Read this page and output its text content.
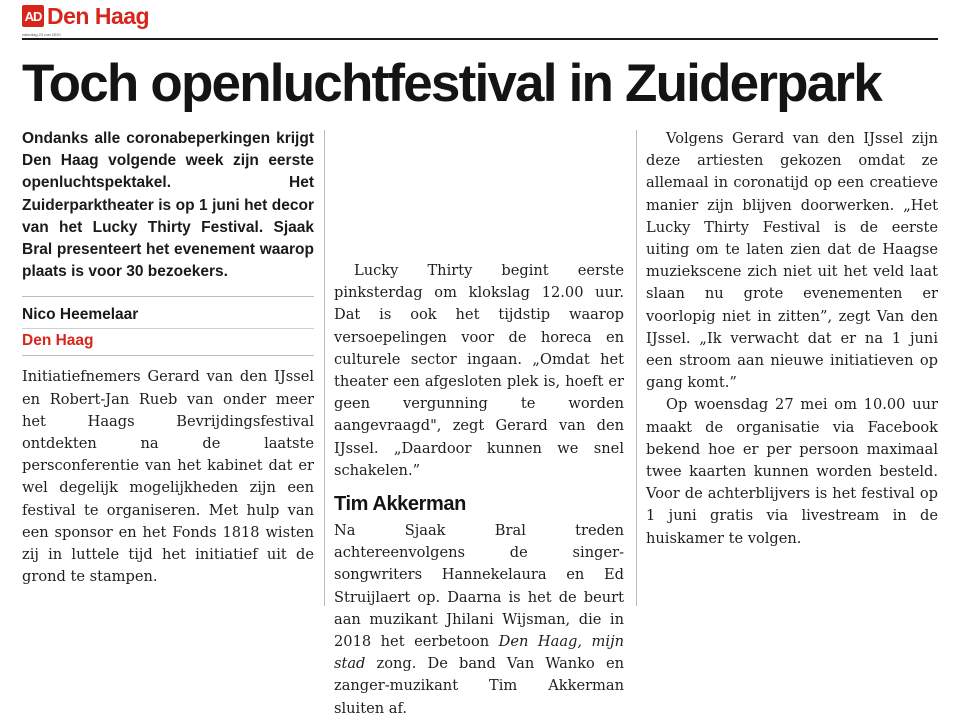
AD Den Haag
zaterdag 23 mei 2020
Toch openluchtfestival in Zuiderpark

Ondanks alle coronabeperkingen krijgt Den Haag volgende week zijn eerste openluchtspektakel. Het Zuiderparktheater is op 1 juni het decor van het Lucky Thirty Festival. Sjaak Bral presenteert het evenement waarop plaats is voor 30 bezoekers.

Nico Heemelaar

Den Haag

Initiatiefnemers Gerard van den IJssel en Robert-Jan Rueb van onder meer het Haags Bevrijdingsfestival ontdekten na de laatste persconferentie van het kabinet dat er wel degelijk mogelijkheden zijn een festival te organiseren. Met hulp van een sponsor en het Fonds 1818 wisten zij in luttele tijd het initiatief uit de grond te stampen.

Lucky Thirty begint eerste pinksterdag om klokslag 12.00 uur. Dat is ook het tijdstip waarop versoepelingen voor de horeca en culturele sector ingaan. „Omdat het theater een afgesloten plek is, hoeft er geen vergunning te worden aangevraagd", zegt Gerard van den IJssel. „Daardoor kunnen we snel schakelen.”

Tim Akkerman

Na Sjaak Bral treden achtereenvolgens de singer-songwriters Hannekelaura en Ed Struijlaert op. Daarna is het de beurt aan muzikant Jhilani Wijsman, die in 2018 het eerbetoon Den Haag, mijn stad zong. De band Van Wanko en zanger-muzikant Tim Akkerman sluiten af.

Volgens Gerard van den IJssel zijn deze artiesten gekozen omdat ze allemaal in coronatijd op een creatieve manier zijn blijven doorwerken. „Het Lucky Thirty Festival is de eerste uiting om te laten zien dat de Haagse muziekscene zich niet uit het veld laat slaan nu grote evenementen er voorlopig niet in zitten”, zegt Van den IJssel. „Ik verwacht dat er na 1 juni een stroom aan nieuwe initiatieven op gang komt.”

Op woensdag 27 mei om 10.00 uur maakt de organisatie via Facebook bekend hoe er per persoon maximaal twee kaarten kunnen worden besteld. Voor de achterblijvers is het festival op 1 juni gratis via livestream in de huiskamer te volgen.
